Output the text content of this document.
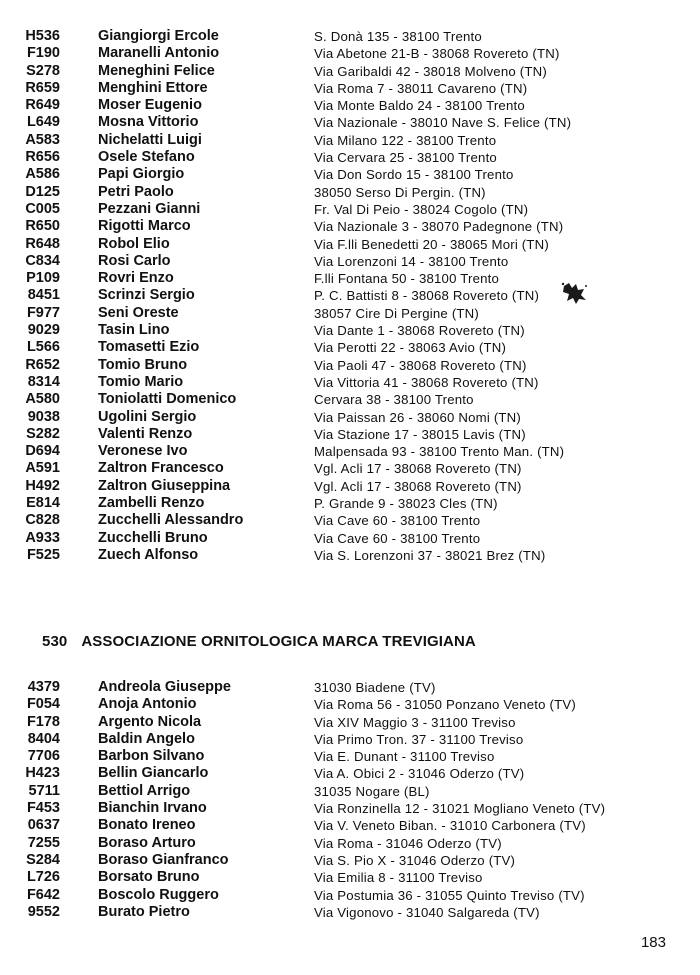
H536	Giangiorgi Ercole	S. Donà 135 - 38100 Trento
F190	Maranelli Antonio	Via Abetone 21-B - 38068 Rovereto (TN)
S278	Meneghini Felice	Via Garibaldi 42 - 38018 Molveno (TN)
R659	Menghini Ettore	Via Roma 7 - 38011 Cavareno (TN)
R649	Moser Eugenio	Via Monte Baldo 24 - 38100 Trento
L649	Mosna Vittorio	Via Nazionale - 38010 Nave S. Felice (TN)
A583	Nichelatti Luigi	Via Milano 122 - 38100 Trento
R656	Osele Stefano	Via Cervara 25 - 38100 Trento
A586	Papi Giorgio	Via Don Sordo 15 - 38100 Trento
D125	Petri Paolo	38050 Serso Di Pergin. (TN)
C005	Pezzani Gianni	Fr. Val Di Peio - 38024 Cogolo (TN)
R650	Rigotti Marco	Via Nazionale 3 - 38070 Padegnone (TN)
R648	Robol Elio	Via F.lli Benedetti 20 - 38065 Mori (TN)
C834	Rosi Carlo	Via Lorenzoni 14 - 38100 Trento
P109	Rovri Enzo	F.lli Fontana 50 - 38100 Trento
8451	Scrinzi Sergio	P. C. Battisti 8 - 38068 Rovereto (TN)
F977	Seni Oreste	38057 Cire Di Pergine (TN)
9029	Tasin Lino	Via Dante 1 - 38068 Rovereto (TN)
L566	Tomasetti Ezio	Via Perotti 22 - 38063 Avio (TN)
R652	Tomio Bruno	Via Paoli 47 - 38068 Rovereto (TN)
8314	Tomio Mario	Via Vittoria 41 - 38068 Rovereto (TN)
A580	Toniolatti Domenico	Cervara 38 - 38100 Trento
9038	Ugolini Sergio	Via Paissan 26 - 38060 Nomi (TN)
S282	Valenti Renzo	Via Stazione 17 - 38015 Lavis (TN)
D694	Veronese Ivo	Malpensada 93 - 38100 Trento Man. (TN)
A591	Zaltron Francesco	Vgl. Acli 17 - 38068 Rovereto (TN)
H492	Zaltron Giuseppina	Vgl. Acli 17 - 38068 Rovereto (TN)
E814	Zambelli Renzo	P. Grande 9 - 38023 Cles (TN)
C828	Zucchelli Alessandro	Via Cave 60 - 38100 Trento
A933	Zucchelli Bruno	Via Cave 60 - 38100 Trento
F525	Zuech Alfonso	Via S. Lorenzoni 37 - 38021 Brez (TN)
530 ASSOCIAZIONE ORNITOLOGICA MARCA TREVIGIANA
4379	Andreola Giuseppe	31030 Biadene (TV)
F054	Anoja Antonio	Via Roma 56 - 31050 Ponzano Veneto (TV)
F178	Argento Nicola	Via XIV Maggio 3 - 31100 Treviso
8404	Baldin Angelo	Via Primo Tron. 37 - 31100 Treviso
7706	Barbon Silvano	Via E. Dunant - 31100 Treviso
H423	Bellin Giancarlo	Via A. Obici 2 - 31046 Oderzo (TV)
5711	Bettiol Arrigo	31035 Nogare (BL)
F453	Bianchin Irvano	Via Ronzinella 12 - 31021 Mogliano Veneto (TV)
0637	Bonato Ireneo	Via V. Veneto Biban. - 31010 Carbonera (TV)
7255	Boraso Arturo	Via Roma - 31046 Oderzo (TV)
S284	Boraso Gianfranco	Via S. Pio X - 31046 Oderzo (TV)
L726	Borsato Bruno	Via Emilia 8 - 31100 Treviso
F642	Boscolo Ruggero	Via Postumia 36 - 31055 Quinto Treviso (TV)
9552	Burato Pietro	Via Vigonovo - 31040 Salgareda (TV)
183
